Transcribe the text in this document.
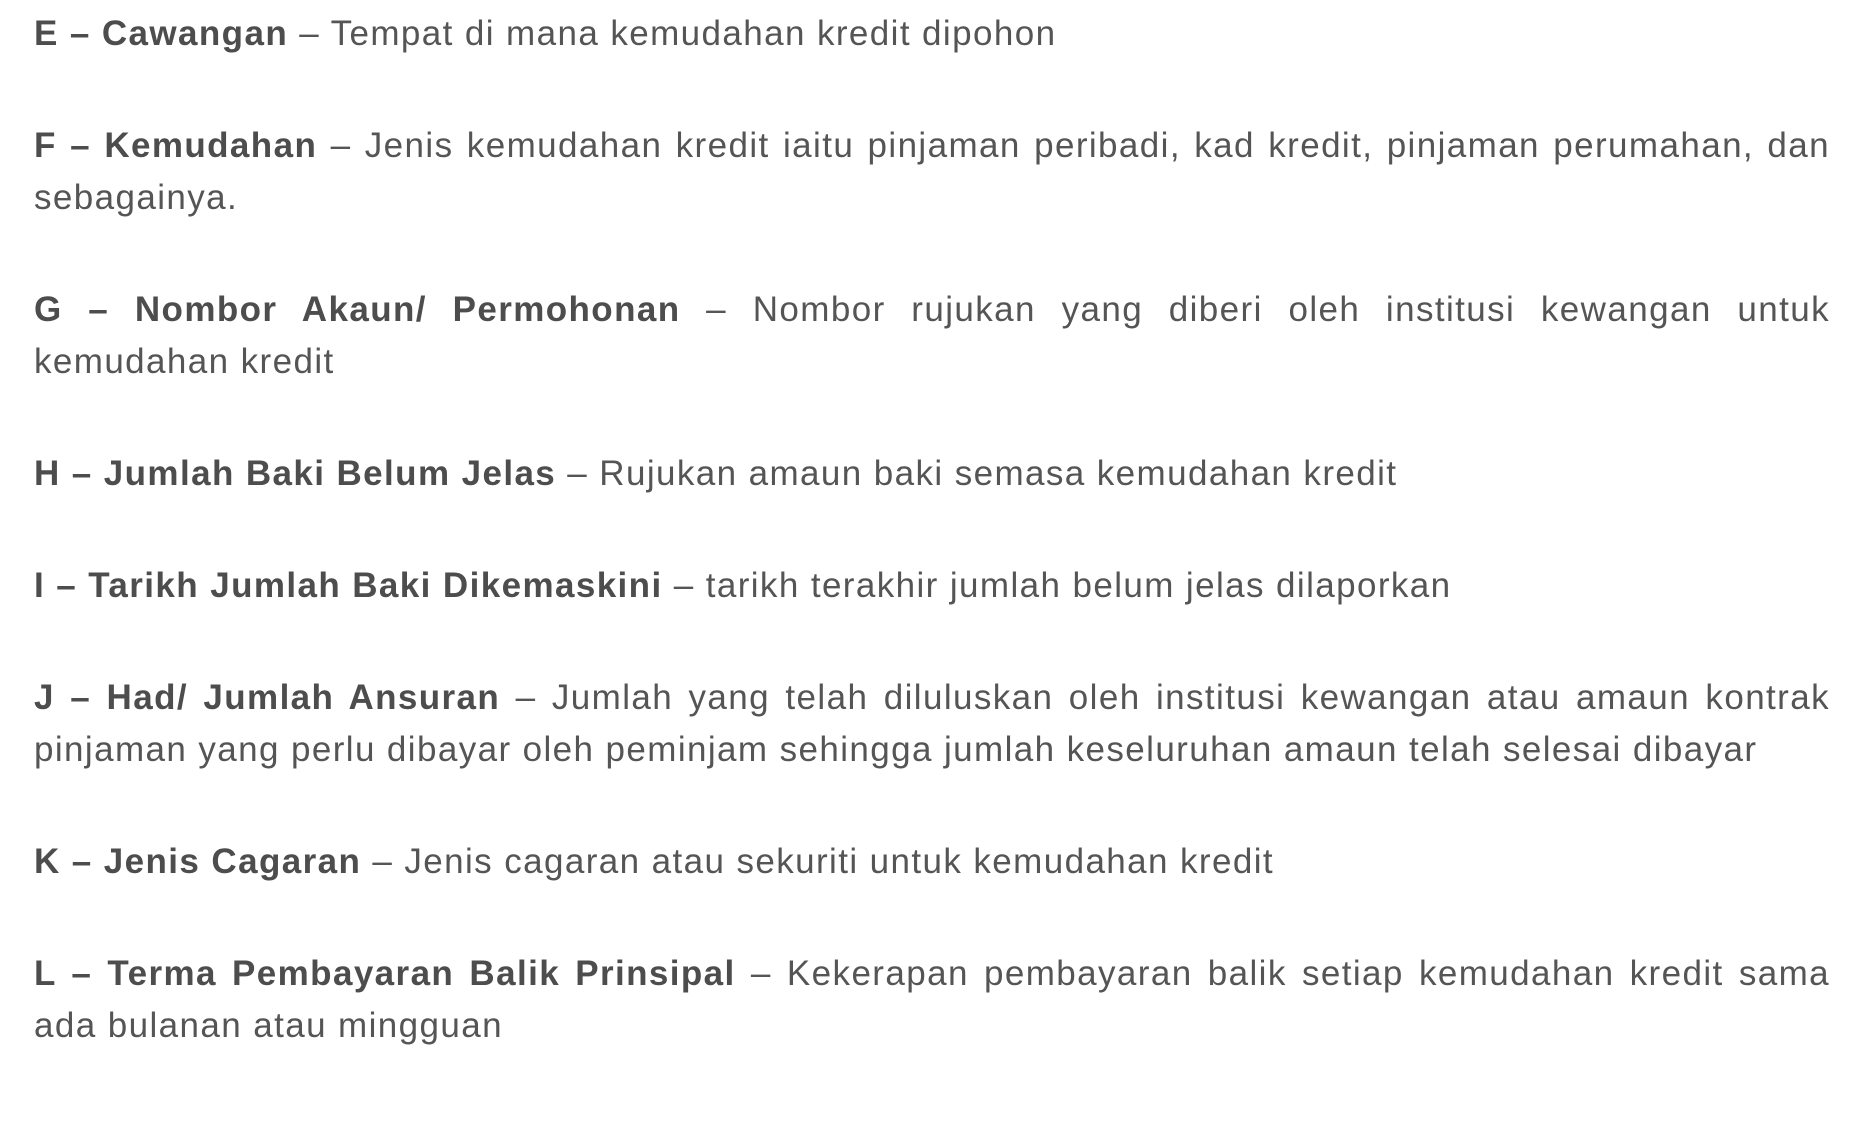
E – Cawangan – Tempat di mana kemudahan kredit dipohon

F – Kemudahan – Jenis kemudahan kredit iaitu pinjaman peribadi, kad kredit, pinjaman perumahan, dan sebagainya.

G – Nombor Akaun/ Permohonan – Nombor rujukan yang diberi oleh institusi kewangan untuk kemudahan kredit

H – Jumlah Baki Belum Jelas – Rujukan amaun baki semasa kemudahan kredit

I – Tarikh Jumlah Baki Dikemaskini – tarikh terakhir jumlah belum jelas dilaporkan

J – Had/ Jumlah Ansuran – Jumlah yang telah diluluskan oleh institusi kewangan atau amaun kontrak pinjaman yang perlu dibayar oleh peminjam sehingga jumlah keseluruhan amaun telah selesai dibayar

K – Jenis Cagaran – Jenis cagaran atau sekuriti untuk kemudahan kredit

L – Terma Pembayaran Balik Prinsipal – Kekerapan pembayaran balik setiap kemudahan kredit sama ada bulanan atau mingguan
